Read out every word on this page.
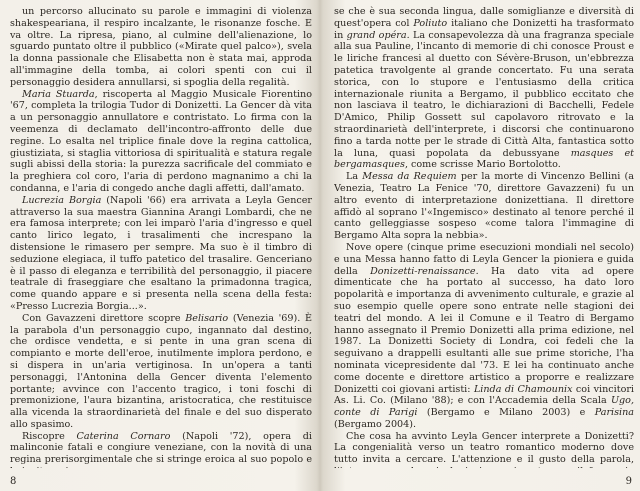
un percorso allucinato su parole e immagini di violenza shakespeariana, il respiro incalzante, le risonanze fosche. E va oltre. La ripresa, piano, al culmine dell'alienazione, lo sguardo puntato oltre il pubblico («Mirate quel palco»), svela la donna passionale che Elisabetta non è stata mai, approda all'immagine della tomba, ai colori spenti con cui il personaggio desidera annullarsi, si spoglia della regalità.

Maria Stuarda, riscoperta al Maggio Musicale Fiorentino '67, completa la trilogia Tudor di Donizetti. La Gencer dà vita a un personaggio annullatore e contristato. Lo firma con la veemenza di declamato dell'incontro-affronto delle due regine. Lo esalta nel triplice finale dove la regina cattolica, giustiziata, si staglia vittoriosa di spiritualità e statura regale sugli abissi della storia: la purezza sacrificale del commiato e la preghiera col coro, l'aria di perdono magnanimo a chi la condanna, e l'aria di congedo anche dagli affetti, dall'amato.

Lucrezia Borgia (Napoli '66) era arrivata a Leyla Gencer attraverso la sua maestra Giannina Arangi Lombardi, che ne era famosa interprete; con lei imparò l'aria d'ingresso e quel canto lirico legato, i trasalimenti che increspano la distensione le rimasero per sempre. Ma suo è il timbro di seduzione elegiaca, il tuffo patetico del trasalire. Genceriano è il passo di eleganza e terribilità del personaggio, il piacere teatrale di fraseggiare che esaltano la primadonna tragica, come quando appare e si presenta nella scena della festa: «Presso Lucrezia Borgia...».

Con Gavazzeni direttore scopre Belisario (Venezia '69). È la parabola d'un personaggio cupo, ingannato dal destino, che ordisce vendetta, e si pente in una gran scena di compianto e morte dell'eroe, inutilmente implora perdono, e si dispera in un'aria vertiginosa. In un'opera a tanti personaggi, l'Antonina della Gencer diventa l'elemento portante; avvince con l'accento tragico, i toni foschi di premonizione, l'aura bizantina, aristocratica, che restituisce alla vicenda la straordinarietà del finale e del suo disperato allo spasimo.

Riscopre Caterina Cornaro (Napoli '72), opera di malinconie fatali e congiure veneziane, con la novità di una regina prerisorgimentale che si stringe eroica al suo popolo e

se che è sua seconda lingua, dalle somiglianze e diversità di quest'opera col Poliuto italiano che Donizetti ha trasformato in grand opéra. La consapevolezza dà una fragranza speciale alla sua Pauline, l'incanto di memorie di chi conosce Proust e le liriche francesi al duetto con Sévère-Bruson, un'ebbrezza patetica travolgente al grande concertato. Fu una serata storica, con lo stupore e l'entusiasmo della critica internazionale riunita a Bergamo, il pubblico eccitato che non lasciava il teatro, le dichiarazioni di Bacchelli, Fedele D'Amico, Philip Gossett sul capolavoro ritrovato e la straordinarietà dell'interprete, i discorsi che continuarono fino a tarda notte per le strade di Città Alta, fantastica sotto la luna, quasi popolata da debussyane masques et bergamasques, come scrisse Mario Bortolotto.

La Messa da Requiem per la morte di Vincenzo Bellini (a Venezia, Teatro La Fenice '70, direttore Gavazzeni) fu un altro evento di interpretazione donizettiana. Il direttore affidò al soprano l'«Ingemisco» destinato al tenore perché il canto gelleggiasse sospeso «come talora l'immagine di Bergamo Alta sopra la nebbia».

Nove opere (cinque prime esecuzioni mondiali nel secolo) e una Messa hanno fatto di Leyla Gencer la pioniera e guida della Donizetti-renaissance. Ha dato vita ad opere dimenticate che ha portato al successo, ha dato loro popolarità e importanza di avvenimento culturale, e grazie al suo esempio quelle opere sono entrate nelle stagioni dei teatri del mondo. A lei il Comune e il Teatro di Bergamo hanno assegnato il Premio Donizetti alla prima edizione, nel 1987. La Donizetti Society di Londra, coi fedeli che la seguivano a drappelli esultanti alle sue prime storiche, l'ha nominata vicepresidente dal '73. E lei ha continuato anche come docente e direttore artistico a proporre e realizzare Donizetti coi giovani artisti: Linda di Chamounix coi vincitori As. Li. Co. (Milano '88); e con l'Accademia della Scala Ugo, conte di Parigi (Bergamo e Milano 2003) e Parisina (Bergamo 2004).

Che cosa ha avvinto Leyla Gencer interprete a Donizetti? La congenialità verso un teatro romantico moderno dove tutto invita a cercare. L'attenzione e il gusto della parola,

8	9
